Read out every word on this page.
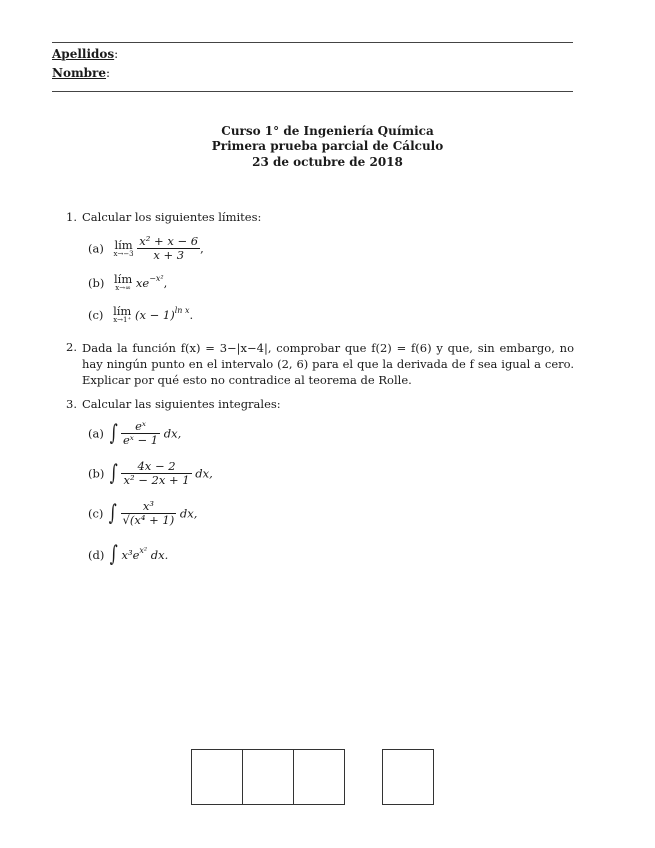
Apellidos:
Nombre:
Curso 1° de Ingeniería Química
Primera prueba parcial de Cálculo
23 de octubre de 2018
1. Calcular los siguientes límites:
(a) lím
x→−3
$\frac{\text{x² + x − 6}}{x + 3}$ ,
(b) lím
x→∞ $xe^{-x^2}$,
(c) lím
x→1⁺ $(x - 1)^{ln x}$.
2. Dada la función f(x) = 3−|x−4|, comprobar que f(2) = f(6) y que, sin embargo, no hay ningún punto en el intervalo (2, 6) para el que la derivada de f sea igual a cero. Explicar por qué esto no contradice al teorema de Rolle.
3. Calcular las siguientes integrales:
(a) ∫ $\frac{\text{eˣ}}{\text{eˣ − 1}}$ dx,
(b) ∫ $\frac{4x - 2}{\text{x² − 2x + 1}}$ dx,
(c) ∫ $\frac{\text{x³}}{\text{√(x⁴ + 1)}}$ dx,
(d) ∫ $x^3e^{x^2}$ dx.
